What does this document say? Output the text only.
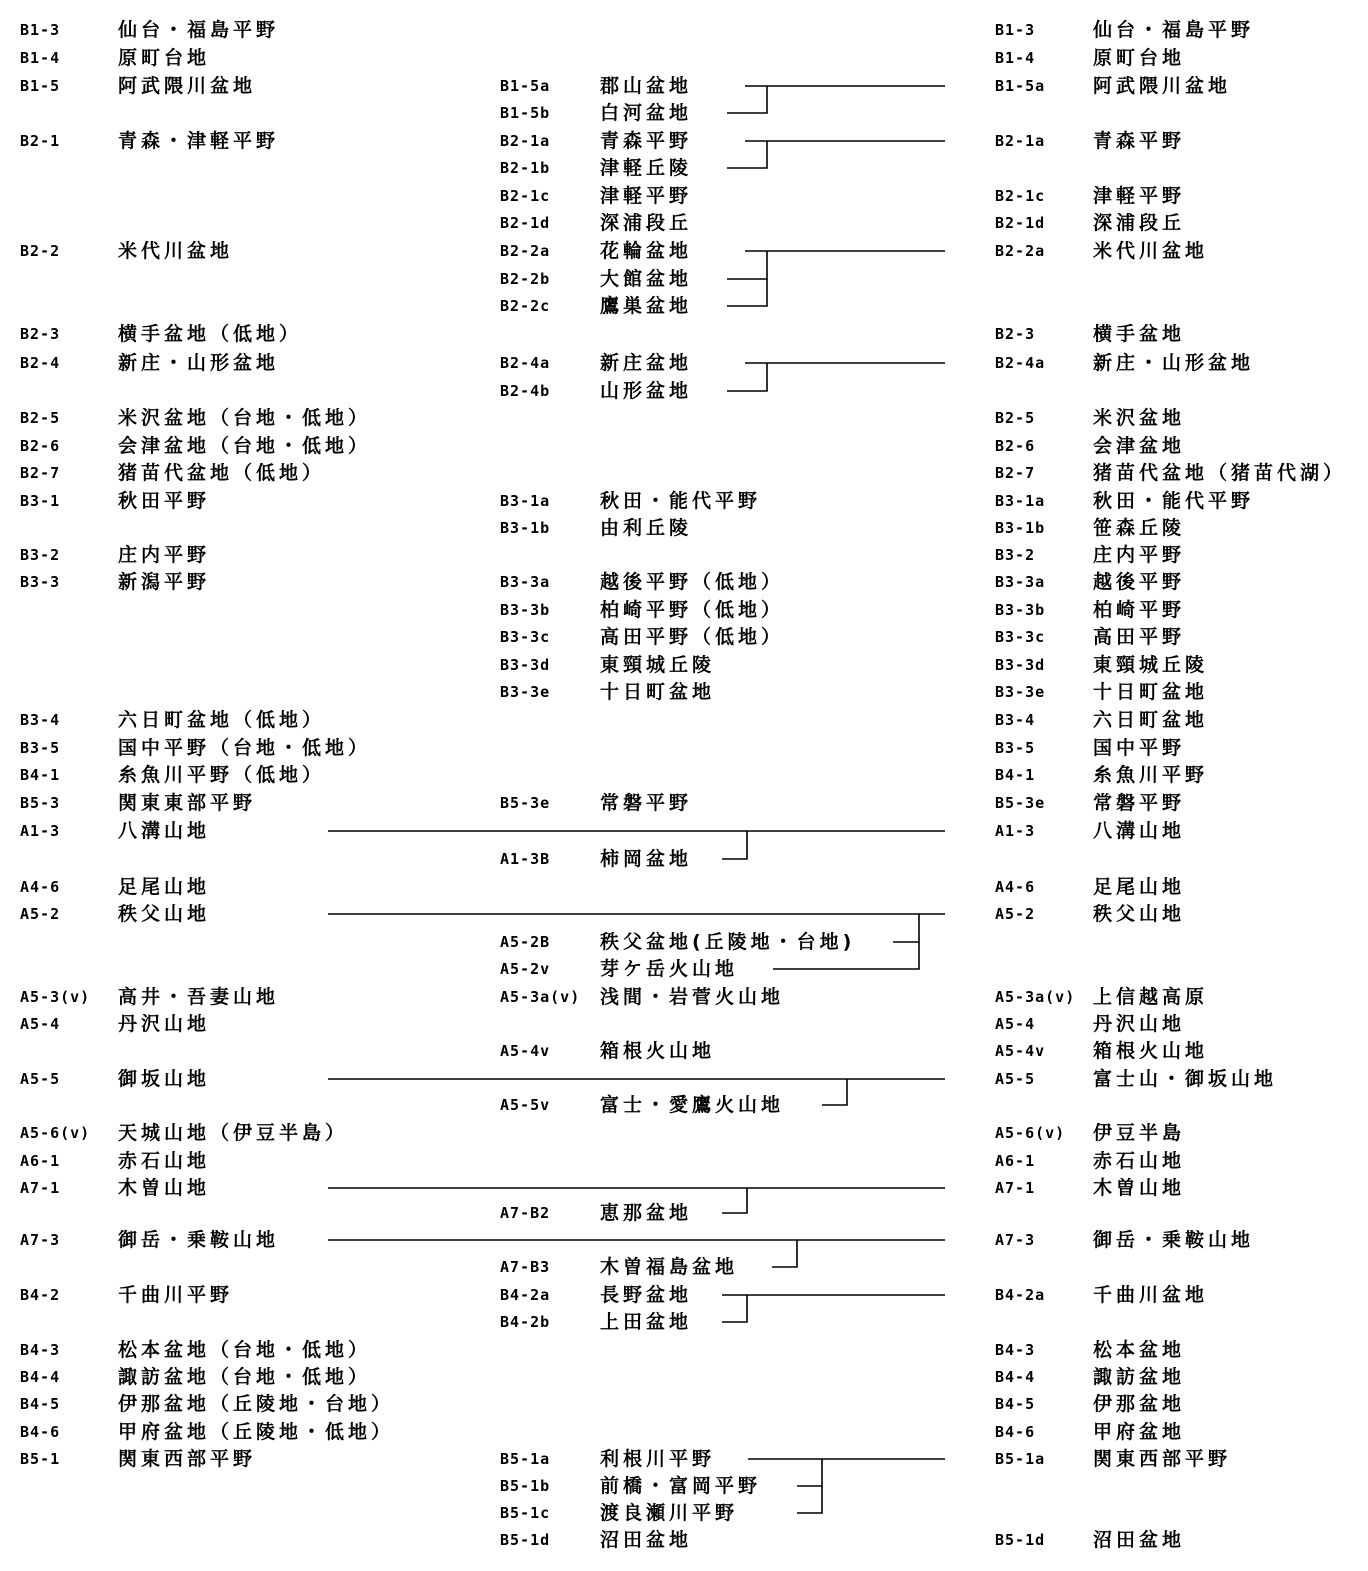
B1-3	仙台・福島平野	B1-3	仙台・福島平野
B1-4	原町台地	B1-4	原町台地
B1-5	阿武隈川盆地	B1-5a	郡山盆地	B1-5a	阿武隈川盆地
B1-5b	白河盆地
B2-1	青森・津軽平野	B2-1a	青森平野	B2-1a	青森平野
B2-1b	津軽丘陵
B2-1c	津軽平野	B2-1c	津軽平野
B2-1d	深浦段丘	B2-1d	深浦段丘
B2-2	米代川盆地	B2-2a	花輪盆地	B2-2a	米代川盆地
B2-2b	大館盆地
B2-2c	鷹巣盆地
B2-3	横手盆地（低地）	B2-3	横手盆地
B2-4	新庄・山形盆地	B2-4a	新庄盆地	B2-4a	新庄・山形盆地
B2-4b	山形盆地
B2-5	米沢盆地（台地・低地）	B2-5	米沢盆地
B2-6	会津盆地（台地・低地）	B2-6	会津盆地
B2-7	猪苗代盆地（低地）	B2-7	猪苗代盆地（猪苗代湖）
B3-1	秋田平野	B3-1a	秋田・能代平野	B3-1a	秋田・能代平野
B3-1b	由利丘陵	B3-1b	笹森丘陵
B3-2	庄内平野	B3-2	庄内平野
B3-3	新潟平野	B3-3a	越後平野（低地）	B3-3a	越後平野
B3-3b	柏崎平野（低地）	B3-3b	柏崎平野
B3-3c	高田平野（低地）	B3-3c	高田平野
B3-3d	東頸城丘陵	B3-3d	東頸城丘陵
B3-3e	十日町盆地	B3-3e	十日町盆地
B3-4	六日町盆地（低地）	B3-4	六日町盆地
B3-5	国中平野（台地・低地）	B3-5	国中平野
B4-1	糸魚川平野（低地）	B4-1	糸魚川平野
B5-3	関東東部平野	B5-3e	常磐平野	B5-3e	常磐平野
A1-3	八溝山地	A1-3	八溝山地
A1-3B	柿岡盆地
A4-6	足尾山地	A4-6	足尾山地
A5-2	秩父山地	A5-2	秩父山地
A5-2B	秩父盆地(丘陵地・台地)
A5-2v	芽ケ岳火山地
A5-3(v) 高井・吾妻山地	A5-3a(v) 浅間・岩菅火山地	A5-3a(v) 上信越高原
A5-4	丹沢山地	A5-4	丹沢山地
A5-4v	箱根火山地	A5-4v	箱根火山地
A5-5	御坂山地	A5-5	富士山・御坂山地
A5-5v	富士・愛鷹火山地
A5-6(v) 天城山地（伊豆半島）	A5-6(v) 伊豆半島
A6-1	赤石山地	A6-1	赤石山地
A7-1	木曽山地	A7-1	木曽山地
A7-B2	恵那盆地
A7-3	御岳・乗鞍山地	A7-3	御岳・乗鞍山地
A7-B3	木曽福島盆地
B4-2	千曲川平野	B4-2a	長野盆地	B4-2a	千曲川盆地
B4-2b	上田盆地
B4-3	松本盆地（台地・低地）	B4-3	松本盆地
B4-4	諏訪盆地（台地・低地）	B4-4	諏訪盆地
B4-5	伊那盆地（丘陵地・台地）	B4-5	伊那盆地
B4-6	甲府盆地（丘陵地・低地）	B4-6	甲府盆地
B5-1	関東西部平野	B5-1a	利根川平野	B5-1a	関東西部平野
B5-1b	前橋・富岡平野
B5-1c	渡良瀬川平野
B5-1d	沼田盆地	B5-1d	沼田盆地
